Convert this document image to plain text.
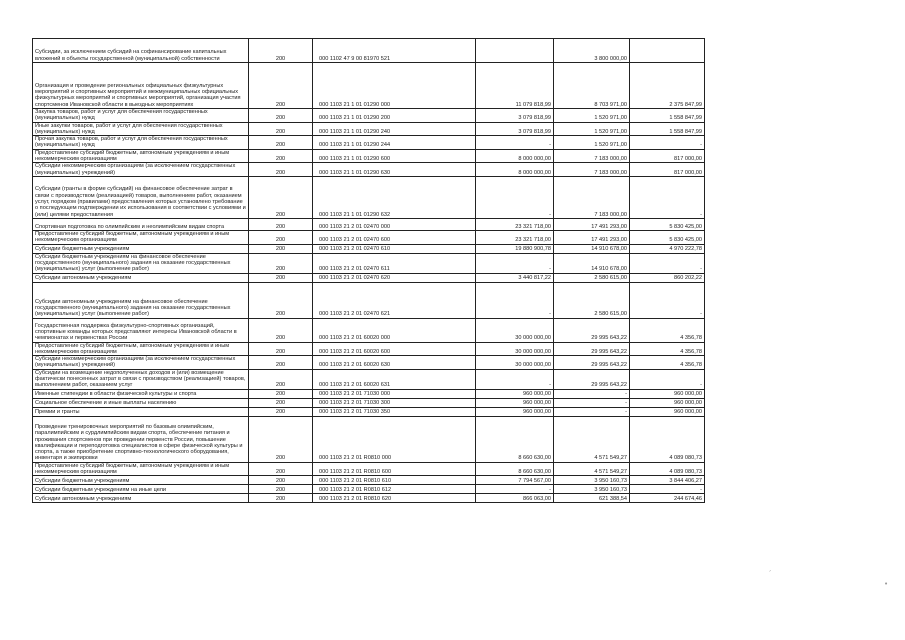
Субсидии, за исключением субсидий на софинансирование капитальных вложений в объекты государственной (муниципальной) собственности	200	000 1102 47 9 00 81970 521		3 800 000,00	
Организация и проведение региональных официальных физкультурных мероприятий и спортивных мероприятий и межмуниципальных официальных физкультурных мероприятий и спортивных мероприятий, организация участия спортсменов Ивановской области в выездных мероприятиях	200	000 1103 21 1 01 01290 000	11 079 818,99	8 703 971,00	2 375 847,99
Закупка товаров, работ и услуг для обеспечения государственных (муниципальных) нужд	200	000 1103 21 1 01 01290 200	3 079 818,99	1 520 971,00	1 558 847,99
Иные закупки товаров, работ и услуг для обеспечения государственных (муниципальных) нужд	200	000 1103 21 1 01 01290 240	3 079 818,99	1 520 971,00	1 558 847,99
Прочая закупка товаров, работ и услуг для обеспечения государственных (муниципальных) нужд	200	000 1103 21 1 01 01290 244	-	1 520 971,00	-
Предоставление субсидий бюджетным, автономным учреждениям и иным некоммерческим организациям	200	000 1103 21 1 01 01290 600	8 000 000,00	7 183 000,00	817 000,00
Субсидии некоммерческим организациям (за исключением государственных (муниципальных) учреждений)	200	000 1103 21 1 01 01290 630	8 000 000,00	7 183 000,00	817 000,00
Субсидии (гранты в форме субсидий) на финансовое обеспечение затрат в связи с производством (реализацией) товаров, выполнением работ, оказанием услуг, порядком (правилами) предоставления которых установлено требование о последующем подтверждении их использования в соответствии с условиями и (или) целями предоставления	200	000 1103 21 1 01 01290 632	-	7 183 000,00	-
Спортивная подготовка по олимпийским и неолимпийским видам спорта	200	000 1103 21 2 01 02470 000	23 321 718,00	17 491 293,00	5 830 425,00
Предоставление субсидий бюджетным, автономным учреждениям и иным некоммерческим организациям	200	000 1103 21 2 01 02470 600	23 321 718,00	17 491 293,00	5 830 425,00
Субсидии бюджетным учреждениям	200	000 1103 21 2 01 02470 610	19 880 900,78	14 910 678,00	4 970 222,78
Субсидии бюджетным учреждениям на финансовое обеспечение государственного (муниципального) задания на оказание государственных (муниципальных) услуг (выполнение работ)	200	000 1103 21 2 01 02470 611	-	14 910 678,00	-
Субсидии автономным учреждениям	200	000 1103 21 2 01 02470 620	3 440 817,22	2 580 615,00	860 202,22
Субсидии автономным учреждениям на финансовое обеспечение государственного (муниципального) задания на оказание государственных (муниципальных) услуг (выполнение работ)	200	000 1103 21 2 01 02470 621	-	2 580 615,00	-
Государственная поддержка физкультурно-спортивных организаций, спортивные команды которых представляют интересы Ивановской области в чемпионатах и первенствах России	200	000 1103 21 2 01 60020 000	30 000 000,00	29 995 643,22	4 356,78
Предоставление субсидий бюджетным, автономным учреждениям и иным некоммерческим организациям	200	000 1103 21 2 01 60020 600	30 000 000,00	29 995 643,22	4 356,78
Субсидии некоммерческим организациям (за исключением государственных (муниципальных) учреждений)	200	000 1103 21 2 01 60020 630	30 000 000,00	29 995 643,22	4 356,78
Субсидии на возмещение недополученных доходов и (или) возмещение фактически понесенных затрат в связи с производством (реализацией) товаров, выполнением работ, оказанием услуг	200	000 1103 21 2 01 60020 631	-	29 995 643,22	-
Именные стипендии в области физической культуры и спорта	200	000 1103 21 2 01 71030 000	960 000,00	-	960 000,00
Социальное обеспечение и иные выплаты населению	200	000 1103 21 2 01 71030 300	960 000,00	-	960 000,00
Премии и гранты	200	000 1103 21 2 01 71030 350	960 000,00	-	960 000,00
Проведение тренировочных мероприятий по базовым олимпийским, паралимпийским и сурдлимпийским видам спорта, обеспечение питания и проживания спортсменов при проведении первенств России, повышение квалификации и переподготовка специалистов в сфере физической культуры и спорта, а также приобретение спортивно-технологического оборудования, инвентаря и экипировки	200	000 1103 21 2 01 R0810 000	8 660 630,00	4 571 549,27	4 089 080,73
Предоставление субсидий бюджетным, автономным учреждениям и иным некоммерческим организациям	200	000 1103 21 2 01 R0810 600	8 660 630,00	4 571 549,27	4 089 080,73
Субсидии бюджетным учреждениям	200	000 1103 21 2 01 R0810 610	7 794 567,00	3 950 160,73	3 844 406,27
Субсидии бюджетным учреждениям на иные цели	200	000 1103 21 2 01 R0810 612	-	3 950 160,73	-
Субсидии автономным учреждениям	200	000 1103 21 2 01 R0810 620	866 063,00	621 388,54	244 674,46
´
•
